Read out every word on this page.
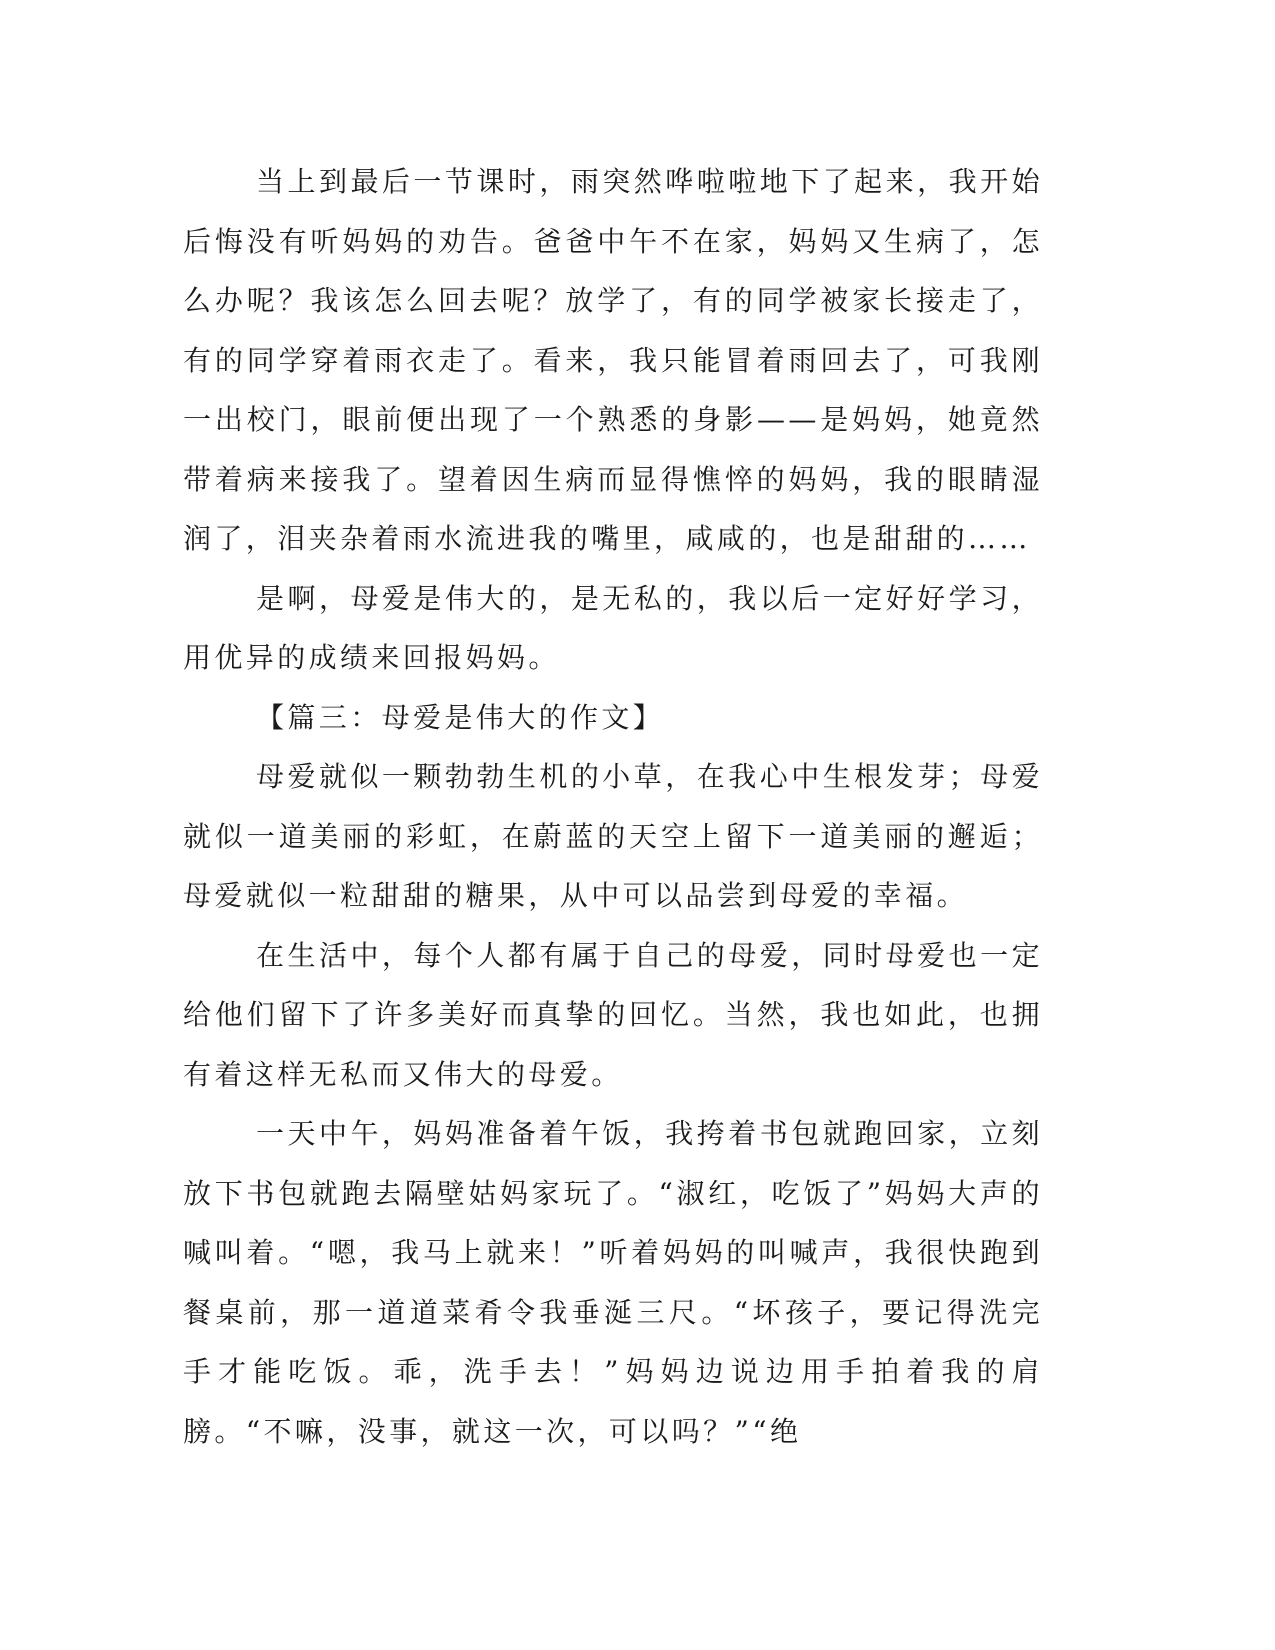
当上到最后一节课时，雨突然哗啦啦地下了起来，我开始后悔没有听妈妈的劝告。爸爸中午不在家，妈妈又生病了，怎么办呢？我该怎么回去呢？放学了，有的同学被家长接走了，有的同学穿着雨衣走了。看来，我只能冒着雨回去了，可我刚一出校门，眼前便出现了一个熟悉的身影——是妈妈，她竟然带着病来接我了。望着因生病而显得憔悴的妈妈，我的眼睛湿润了，泪夹杂着雨水流进我的嘴里，咸咸的，也是甜甜的……

是啊，母爱是伟大的，是无私的，我以后一定好好学习，用优异的成绩来回报妈妈。

【篇三：母爱是伟大的作文】

母爱就似一颗勃勃生机的小草，在我心中生根发芽；母爱就似一道美丽的彩虹，在蔚蓝的天空上留下一道美丽的邂逅；母爱就似一粒甜甜的糖果，从中可以品尝到母爱的幸福。

在生活中，每个人都有属于自己的母爱，同时母爱也一定给他们留下了许多美好而真挚的回忆。当然，我也如此，也拥有着这样无私而又伟大的母爱。

一天中午，妈妈准备着午饭，我挎着书包就跑回家，立刻放下书包就跑去隔壁姑妈家玩了。“淑红，吃饭了”妈妈大声的喊叫着。“嗯，我马上就来！”听着妈妈的叫喊声，我很快跑到餐桌前，那一道道菜肴令我垂涎三尺。“坏孩子，要记得洗完手才能吃饭。乖，洗手去！”妈妈边说边用手拍着我的肩膀。“不嘛，没事，就这一次，可以吗？”“绝
